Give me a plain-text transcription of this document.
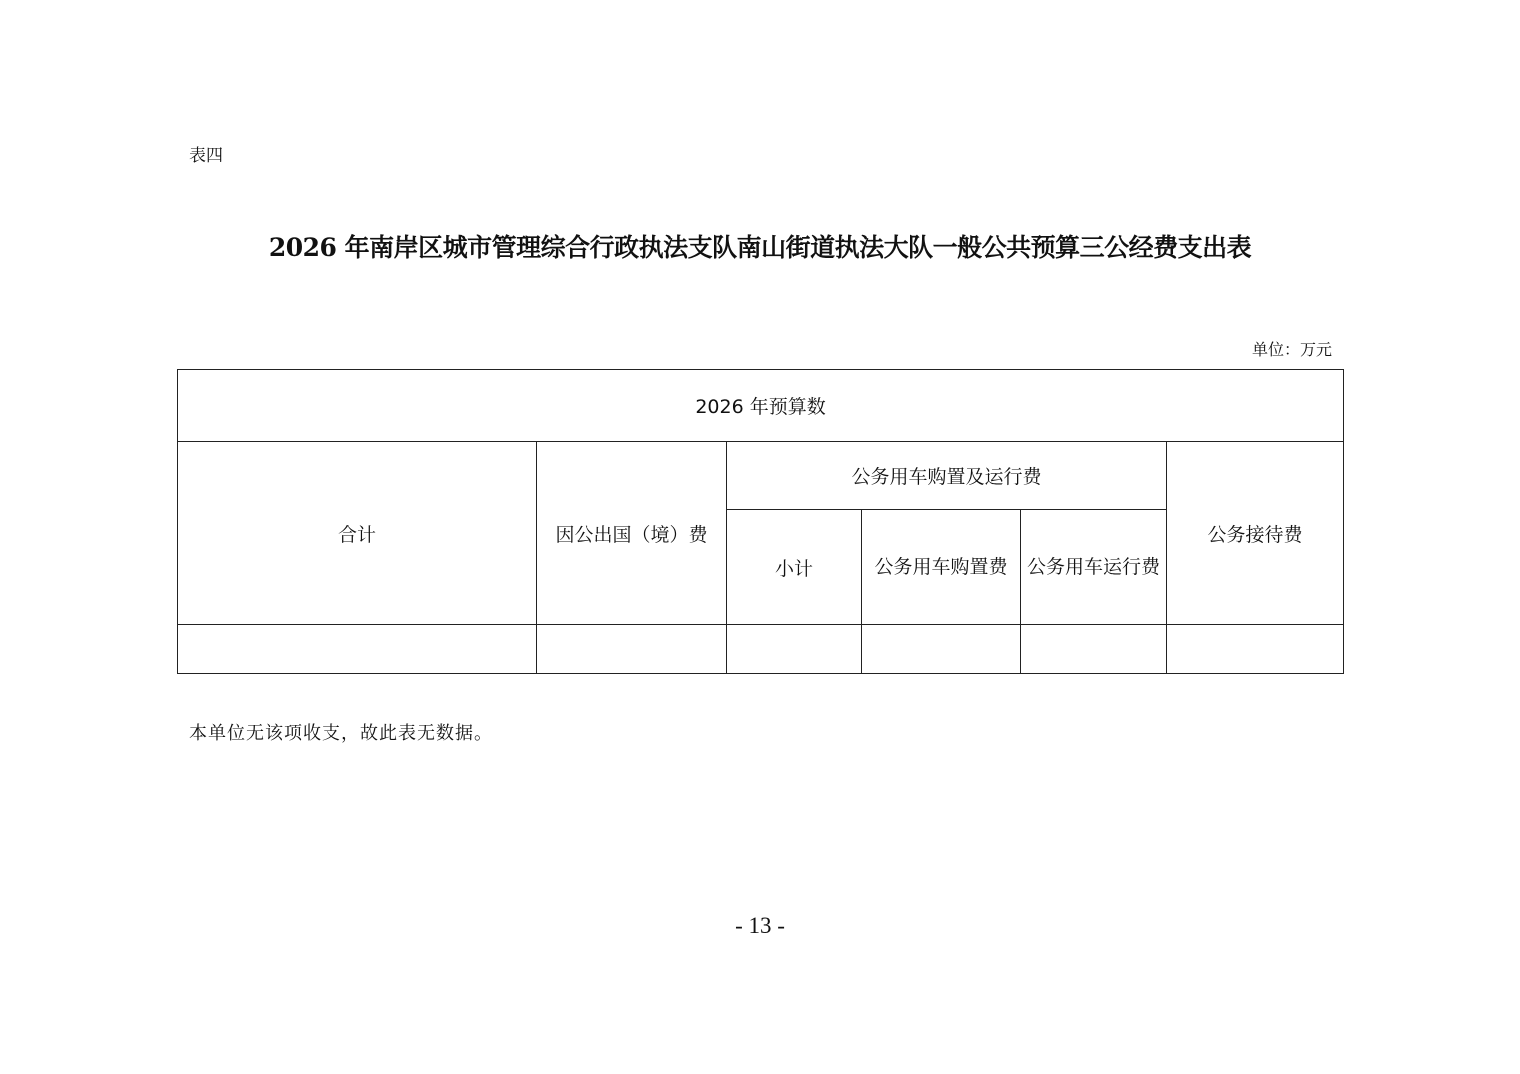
表四
2026 年南岸区城市管理综合行政执法支队南山街道执法大队一般公共预算三公经费支出表
单位：万元
2026 年预算数					
合计	因公出国（境）费	公务用车购置及运行费			公务接待费
		小计	公务用车购置费	公务用车运行费	

本单位无该项收支，故此表无数据。
- 13 -
